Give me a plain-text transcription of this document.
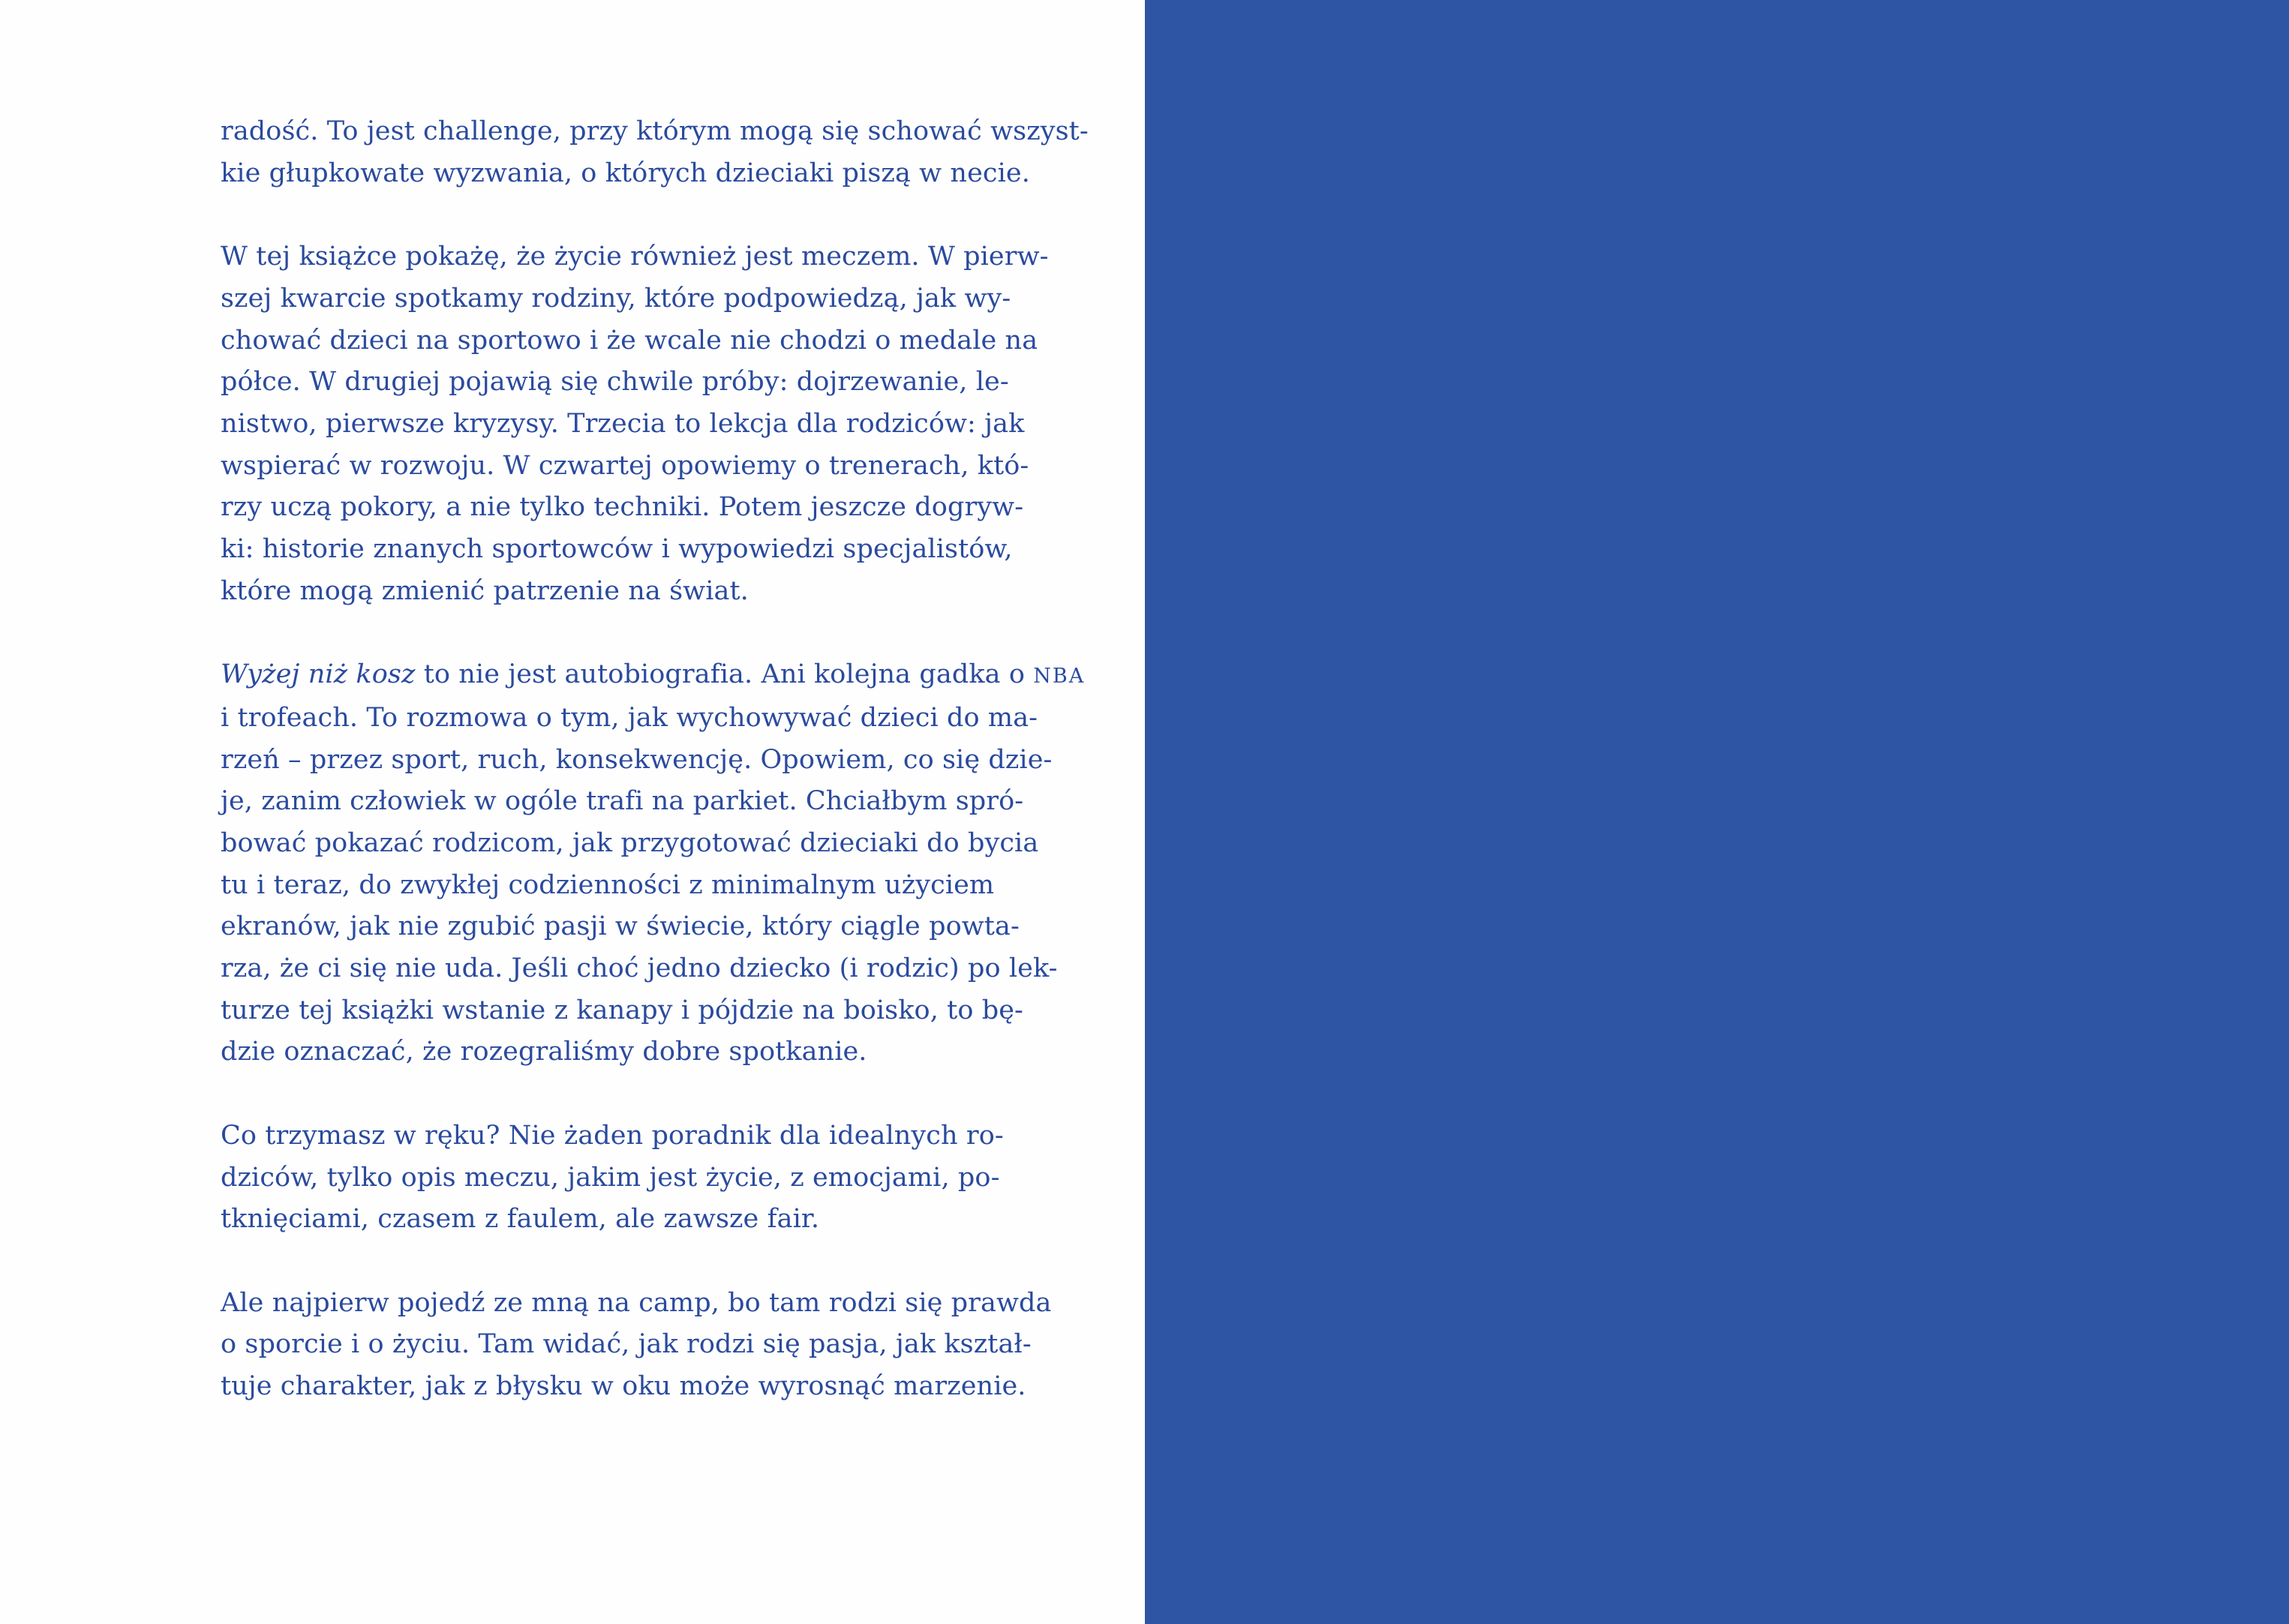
radość. To jest challenge, przy którym mogą się schować wszyst-
kie głupkowate wyzwania, o których dzieciaki piszą w necie.

W tej książce pokażę, że życie również jest meczem. W pierw-
szej kwarcie spotkamy rodziny, które podpowiedzą, jak wy-
chować dzieci na sportowo i że wcale nie chodzi o medale na
półce. W drugiej pojawią się chwile próby: dojrzewanie, le-
nistwo, pierwsze kryzysy. Trzecia to lekcja dla rodziców: jak
wspierać w rozwoju. W czwartej opowiemy o trenerach, któ-
rzy uczą pokory, a nie tylko techniki. Potem jeszcze dogryw-
ki: historie znanych sportowców i wypowiedzi specjalistów,
które mogą zmienić patrzenie na świat.

Wyżej niż kosz to nie jest autobiografia. Ani kolejna gadka o NBA
i trofeach. To rozmowa o tym, jak wychowywać dzieci do ma-
rzeń – przez sport, ruch, konsekwencję. Opowiem, co się dzie-
je, zanim człowiek w ogóle trafi na parkiet. Chciałbym spró-
bować pokazać rodzicom, jak przygotować dzieciaki do bycia
tu i teraz, do zwykłej codzienności z minimalnym użyciem
ekranów, jak nie zgubić pasji w świecie, który ciągle powta-
rza, że ci się nie uda. Jeśli choć jedno dziecko (i rodzic) po lek-
turze tej książki wstanie z kanapy i pójdzie na boisko, to bę-
dzie oznaczać, że rozegraliśmy dobre spotkanie.

Co trzymasz w ręku? Nie żaden poradnik dla idealnych ro-
dziców, tylko opis meczu, jakim jest życie, z emocjami, po-
tknięciami, czasem z faulem, ale zawsze fair.

Ale najpierw pojedź ze mną na camp, bo tam rodzi się prawda
o sporcie i o życiu. Tam widać, jak rodzi się pasja, jak kształ-
tuje charakter, jak z błysku w oku może wyrosnąć marzenie.
